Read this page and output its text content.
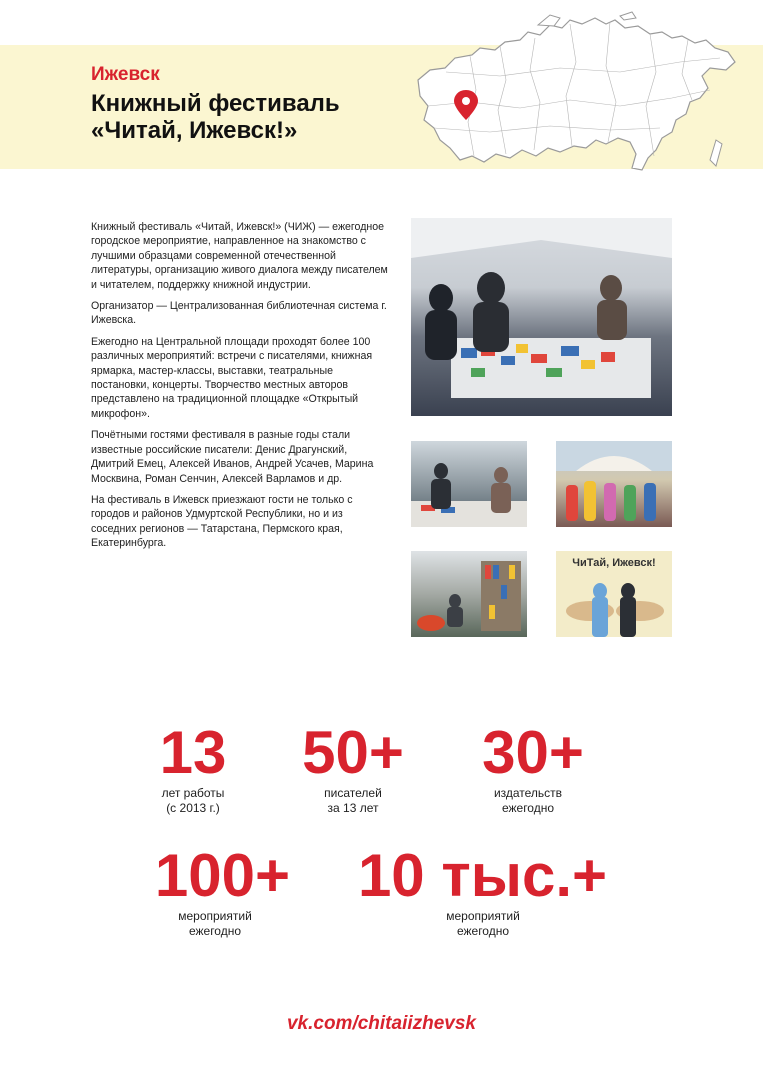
Ижевск
Книжный фестиваль
«Читай, Ижевск!»

Книжный фестиваль «Читай, Ижевск!» (ЧИЖ) — ежегодное городское мероприятие, направленное на знакомство с лучшими образцами современной отечественной литературы, организацию живого диалога между писателем и читателем, поддержку книжной индустрии.

Организатор — Централизованная библиотечная система г. Ижевска.

Ежегодно на Центральной площади проходят более 100 различных мероприятий: встречи с писателями, книжная ярмарка, мастер-классы, выставки, театральные постановки, концерты. Творчество местных авторов представлено на традиционной площадке «Открытый микрофон».

Почётными гостями фестиваля в разные годы стали известные российские писатели: Денис Драгунский, Дмитрий Емец, Алексей Иванов, Андрей Усачев, Марина Москвина, Роман Сенчин, Алексей Варламов и др.

На фестиваль в Ижевск приезжают гости не только с городов и районов Удмуртской Республики, но и из соседних регионов — Татарстана, Пермского края, Екатеринбурга.

ЧиТай, Ижевск!
13
лет работы
(с 2013 г.)
50+
писателей
за 13 лет
30+
издательств
ежегодно
100+
мероприятий
ежегодно
10 тыс.+
мероприятий
ежегодно
vk.com/chitaiizhevsk
